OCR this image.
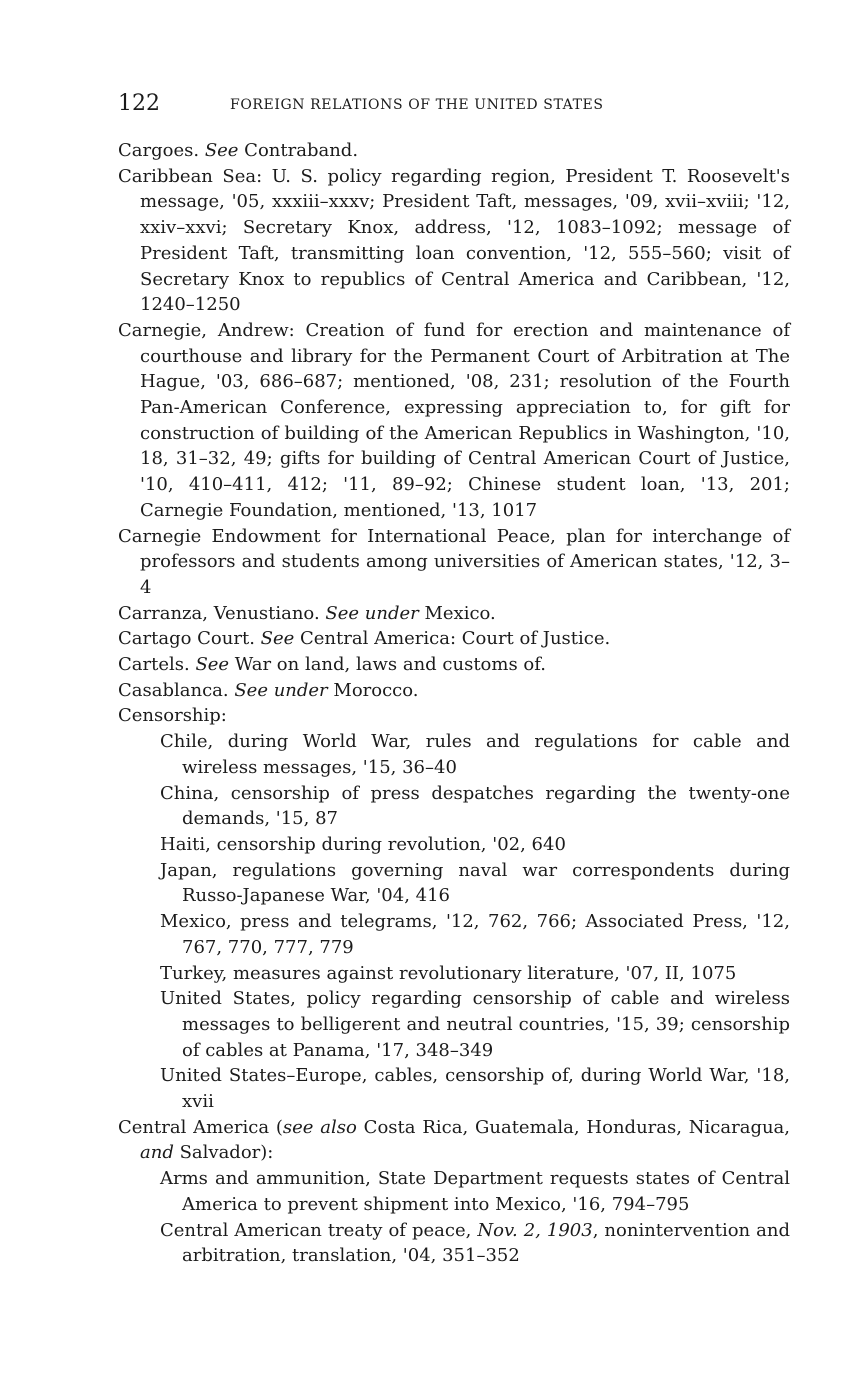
122	FOREIGN RELATIONS OF THE UNITED STATES
Cargoes. See Contraband.
Caribbean Sea: U. S. policy regarding region, President T. Roosevelt's message, '05, xxxiii–xxxv; President Taft, messages, '09, xvii–xviii; '12, xxiv–xxvi; Secretary Knox, address, '12, 1083–1092; message of President Taft, transmitting loan convention, '12, 555–560; visit of Secretary Knox to republics of Central America and Caribbean, '12, 1240–1250
Carnegie, Andrew: Creation of fund for erection and maintenance of courthouse and library for the Permanent Court of Arbitration at The Hague, '03, 686–687; mentioned, '08, 231; resolution of the Fourth Pan-American Conference, expressing appreciation to, for gift for construction of building of the American Republics in Washington, '10, 18, 31–32, 49; gifts for building of Central American Court of Justice, '10, 410–411, 412; '11, 89–92; Chinese student loan, '13, 201; Carnegie Foundation, mentioned, '13, 1017
Carnegie Endowment for International Peace, plan for interchange of professors and students among universities of American states, '12, 3–4
Carranza, Venustiano. See under Mexico.
Cartago Court. See Central America: Court of Justice.
Cartels. See War on land, laws and customs of.
Casablanca. See under Morocco.
Censorship:
Chile, during World War, rules and regulations for cable and wireless messages, '15, 36–40
China, censorship of press despatches regarding the twenty-one demands, '15, 87
Haiti, censorship during revolution, '02, 640
Japan, regulations governing naval war correspondents during Russo-Japanese War, '04, 416
Mexico, press and telegrams, '12, 762, 766; Associated Press, '12, 767, 770, 777, 779
Turkey, measures against revolutionary literature, '07, II, 1075
United States, policy regarding censorship of cable and wireless messages to belligerent and neutral countries, '15, 39; censorship of cables at Panama, '17, 348–349
United States–Europe, cables, censorship of, during World War, '18, xvii
Central America (see also Costa Rica, Guatemala, Honduras, Nicaragua, and Salvador):
Arms and ammunition, State Department requests states of Central America to prevent shipment into Mexico, '16, 794–795
Central American treaty of peace, Nov. 2, 1903, nonintervention and arbitration, translation, '04, 351–352
